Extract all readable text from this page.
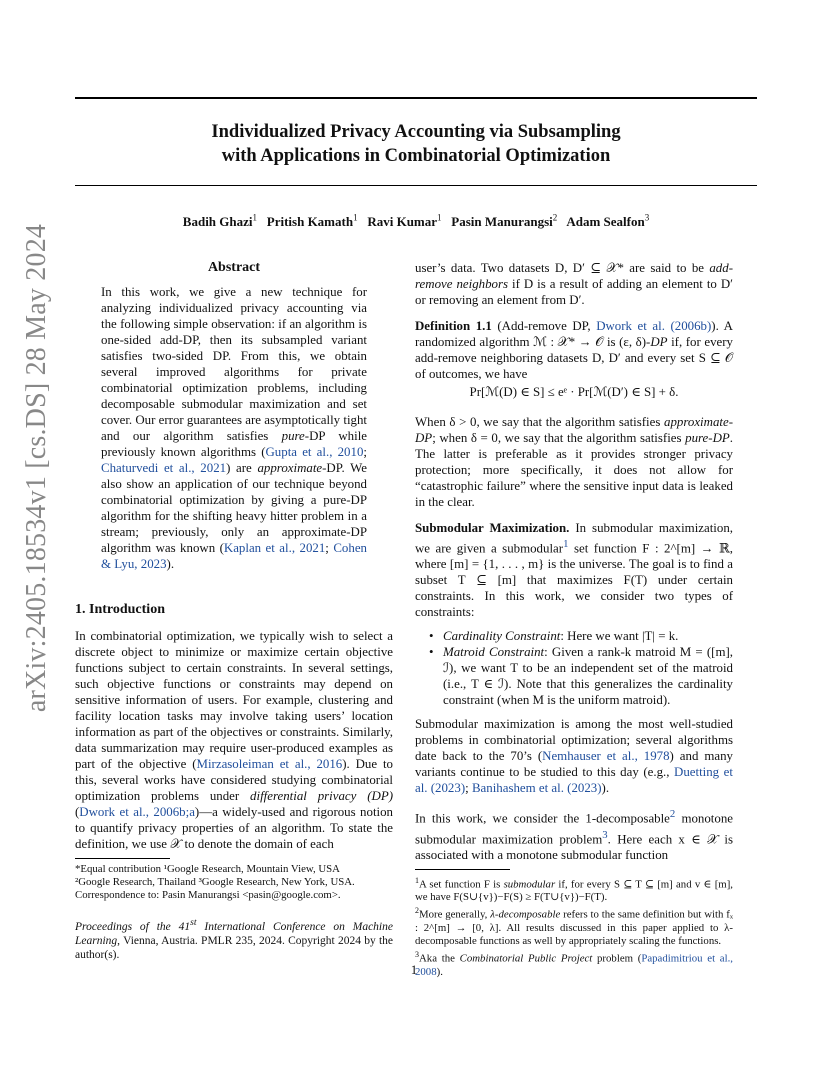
Individualized Privacy Accounting via Subsampling
with Applications in Combinatorial Optimization
Badih Ghazi$^1$ Pritish Kamath$^1$ Ravi Kumar$^1$ Pasin Manurangsi$^2$ Adam Sealfon$^3$
arXiv:2405.18534v1 [cs.DS] 28 May 2024	Abstract

In this work, we give a new technique for analyzing individualized privacy accounting via the following simple observation: if an algorithm is one-sided add-DP, then its subsampled variant satisfies two-sided DP. From this, we obtain several improved algorithms for private combinatorial optimization problems, including decomposable submodular maximization and set cover. Our error guarantees are asymptotically tight and our algorithm satisfies pure-DP while previously known algorithms (Gupta et al., 2010; Chaturvedi et al., 2021) are approximate-DP. We also show an application of our technique beyond combinatorial optimization by giving a pure-DP algorithm for the shifting heavy hitter problem in a stream; previously, only an approximate-DP algorithm was known (Kaplan et al., 2021; Cohen & Lyu, 2023).

1. Introduction

In combinatorial optimization, we typically wish to select a discrete object to minimize or maximize certain objective functions subject to certain constraints. In several settings, such objective functions or constraints may depend on sensitive information of users. For example, clustering and facility location tasks may involve taking users’ location information as part of the objectives or constraints. Similarly, data summarization may require user-produced examples as part of the objective (Mirzasoleiman et al., 2016). Due to this, several works have considered studying combinatorial optimization problems under differential privacy (DP) (Dwork et al., 2006b;a)—a widely-used and rigorous notion to quantify privacy properties of an algorithm. To state the definition, we use 𝒳 to denote the domain of each

*Equal contribution ¹Google Research, Mountain View, USA
²Google Research, Thailand ³Google Research, New York, USA.
Correspondence to: Pasin Manurangsi <pasin@google.com>.

Proceedings of the 41st International Conference on Machine Learning, Vienna, Austria. PMLR 235, 2024. Copyright 2024 by the author(s).

user’s data. Two datasets D, D′ ⊆ 𝒳* are said to be add-remove neighbors if D is a result of adding an element to D′ or removing an element from D′.

Definition 1.1 (Add-remove DP, Dwork et al. (2006b)). A randomized algorithm ℳ : 𝒳* → 𝒪 is (ε, δ)-DP if, for every add-remove neighboring datasets D, D′ and every set S ⊆ 𝒪 of outcomes, we have

Pr[ℳ(D) ∈ S] ≤ eᵉ · Pr[ℳ(D′) ∈ S] + δ.

When δ > 0, we say that the algorithm satisfies approximate-DP; when δ = 0, we say that the algorithm satisfies pure-DP. The latter is preferable as it provides stronger privacy protection; more specifically, it does not allow for “catastrophic failure” where the sensitive input data is leaked in the clear.

Submodular Maximization. In submodular maximization, we are given a submodular$^1$ set function F : 2^[m] → ℝ, where [m] = {1, . . . , m} is the universe. The goal is to find a subset T ⊆ [m] that maximizes F(T) under certain constraints. In this work, we consider two types of constraints:

• Cardinality Constraint: Here we want |T| = k.
• Matroid Constraint: Given a rank-k matroid M = ([m], ℐ), we want T to be an independent set of the matroid (i.e., T ∈ ℐ). Note that this generalizes the cardinality constraint (when M is the uniform matroid).

Submodular maximization is among the most well-studied problems in combinatorial optimization; several algorithms date back to the 70’s (Nemhauser et al., 1978) and many variants continue to be studied to this day (e.g., Duetting et al. (2023); Banihashem et al. (2023)).

In this work, we consider the 1-decomposable$^2$ monotone submodular maximization problem$^3$. Here each x ∈ 𝒳 is associated with a monotone submodular function

$^1$A set function F is submodular if, for every S ⊆ T ⊆ [m] and v ∈ [m], we have F(S∪{v})−F(S) ≥ F(T∪{v})−F(T).

$^2$More generally, λ-decomposable refers to the same definition but with fₓ : 2^[m] → [0, λ]. All results discussed in this paper applied to λ-decomposable functions as well by appropriately scaling the functions.

$^3$Aka the Combinatorial Public Project problem (Papadimitriou et al., 2008).

1
